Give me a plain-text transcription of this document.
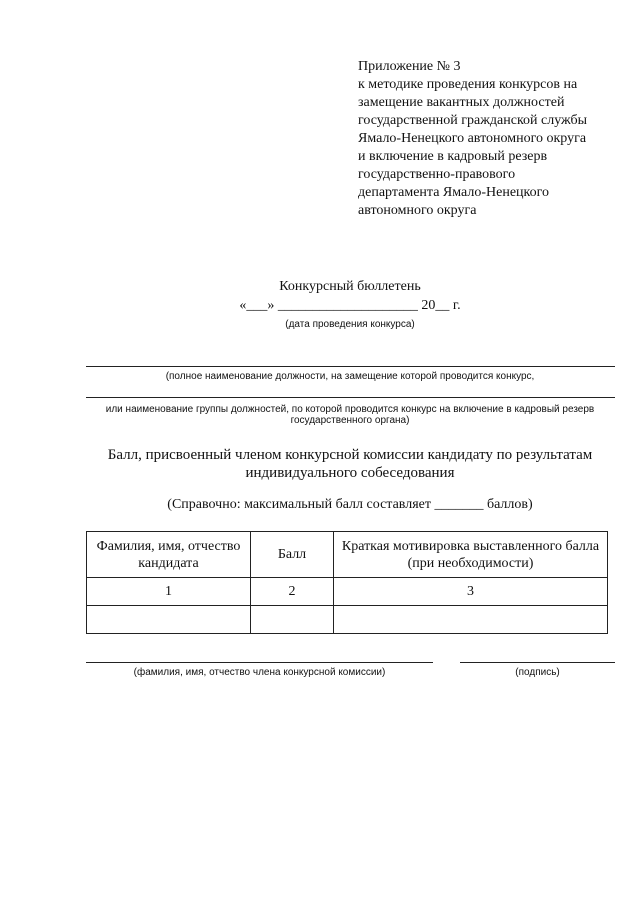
Приложение № 3
к методике проведения конкурсов на
замещение вакантных должностей
государственной гражданской службы
Ямало-Ненецкого автономного округа
и включение в кадровый резерв
государственно-правового
департамента Ямало-Ненецкого
автономного округа
Конкурсный бюллетень
«___» ____________________ 20__ г.
(дата проведения конкурса)
(полное наименование должности, на замещение которой проводится конкурс,
или наименование группы должностей, по которой проводится конкурс на включение в кадровый резерв
государственного органа)
Балл, присвоенный членом конкурсной комиссии кандидату по результатам
индивидуального собеседования
(Справочно: максимальный балл составляет _______ баллов)
Фамилия, имя, отчество кандидата	Балл	Краткая мотивировка выставленного балла (при необходимости)
1	2	3

(фамилия, имя, отчество члена конкурсной комиссии)	(подпись)
